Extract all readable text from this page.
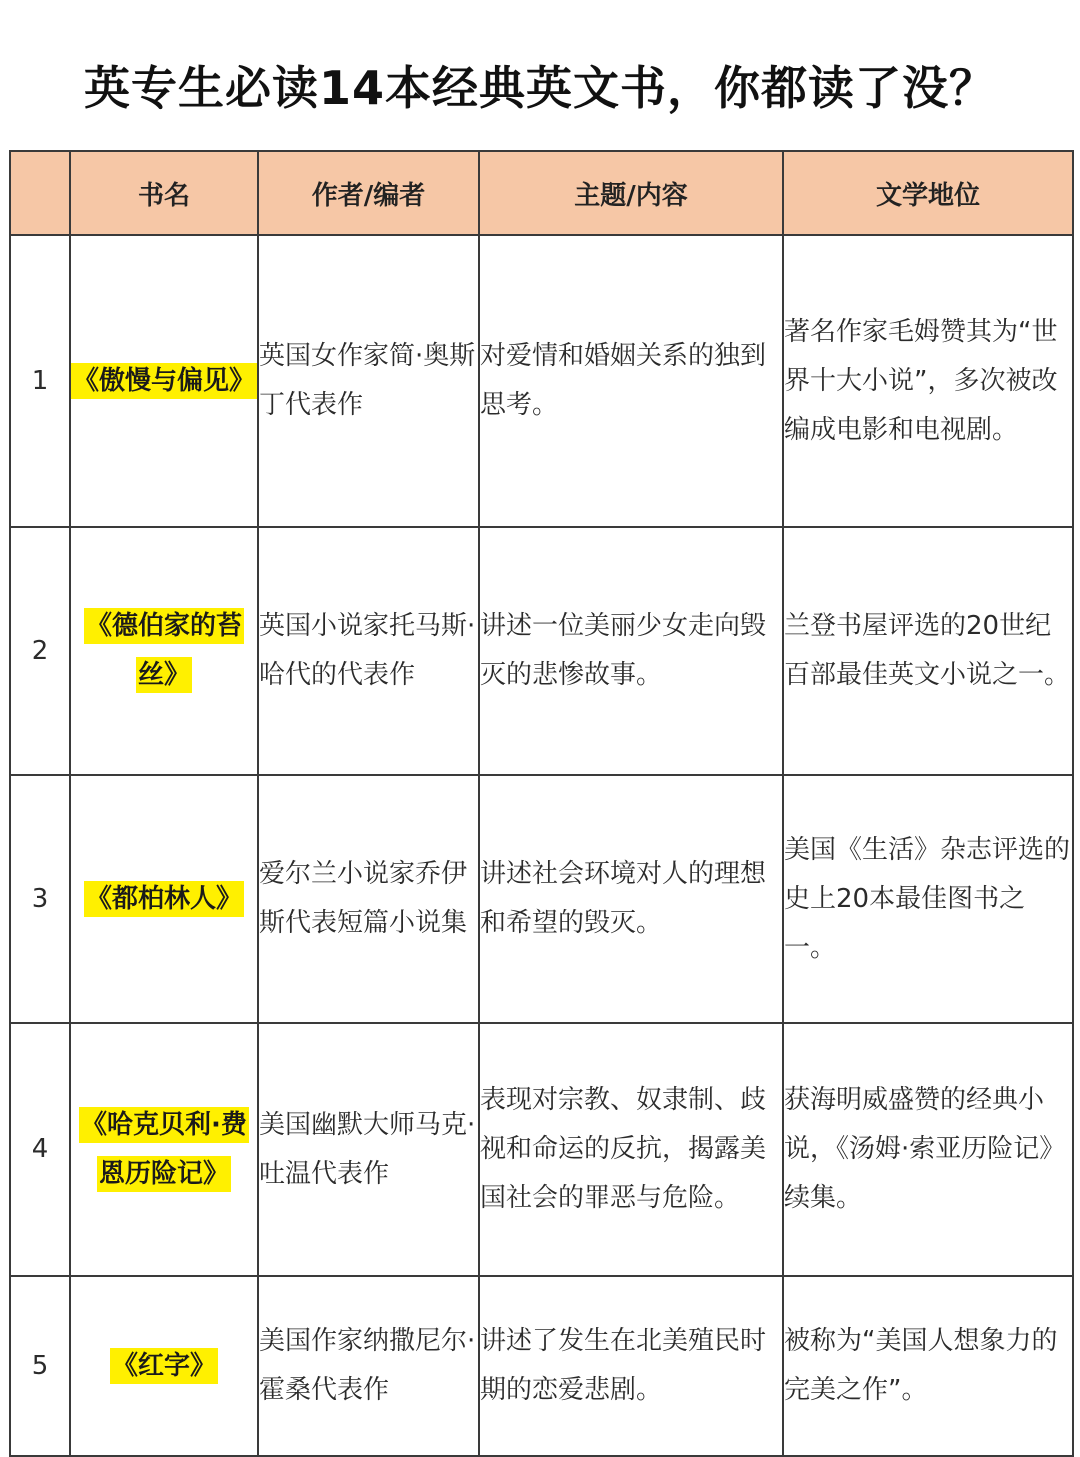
英专生必读14本经典英文书，你都读了没？
	书名	作者/编者	主题/内容	文学地位
1	《傲慢与偏见》	英国女作家简·奥斯丁代表作	对爱情和婚姻关系的独到思考。	著名作家毛姆赞其为“世界十大小说”，多次被改编成电影和电视剧。
2	《德伯家的苔丝》	英国小说家托马斯·哈代的代表作	讲述一位美丽少女走向毁灭的悲惨故事。	兰登书屋评选的20世纪百部最佳英文小说之一。
3	《都柏林人》	爱尔兰小说家乔伊斯代表短篇小说集	讲述社会环境对人的理想和希望的毁灭。	美国《生活》杂志评选的史上20本最佳图书之一。
4	《哈克贝利·费恩历险记》	美国幽默大师马克·吐温代表作	表现对宗教、奴隶制、歧视和命运的反抗，揭露美国社会的罪恶与危险。	获海明威盛赞的经典小说，《汤姆·索亚历险记》续集。
5	《红字》	美国作家纳撒尼尔·霍桑代表作	讲述了发生在北美殖民时期的恋爱悲剧。	被称为“美国人想象力的完美之作”。
